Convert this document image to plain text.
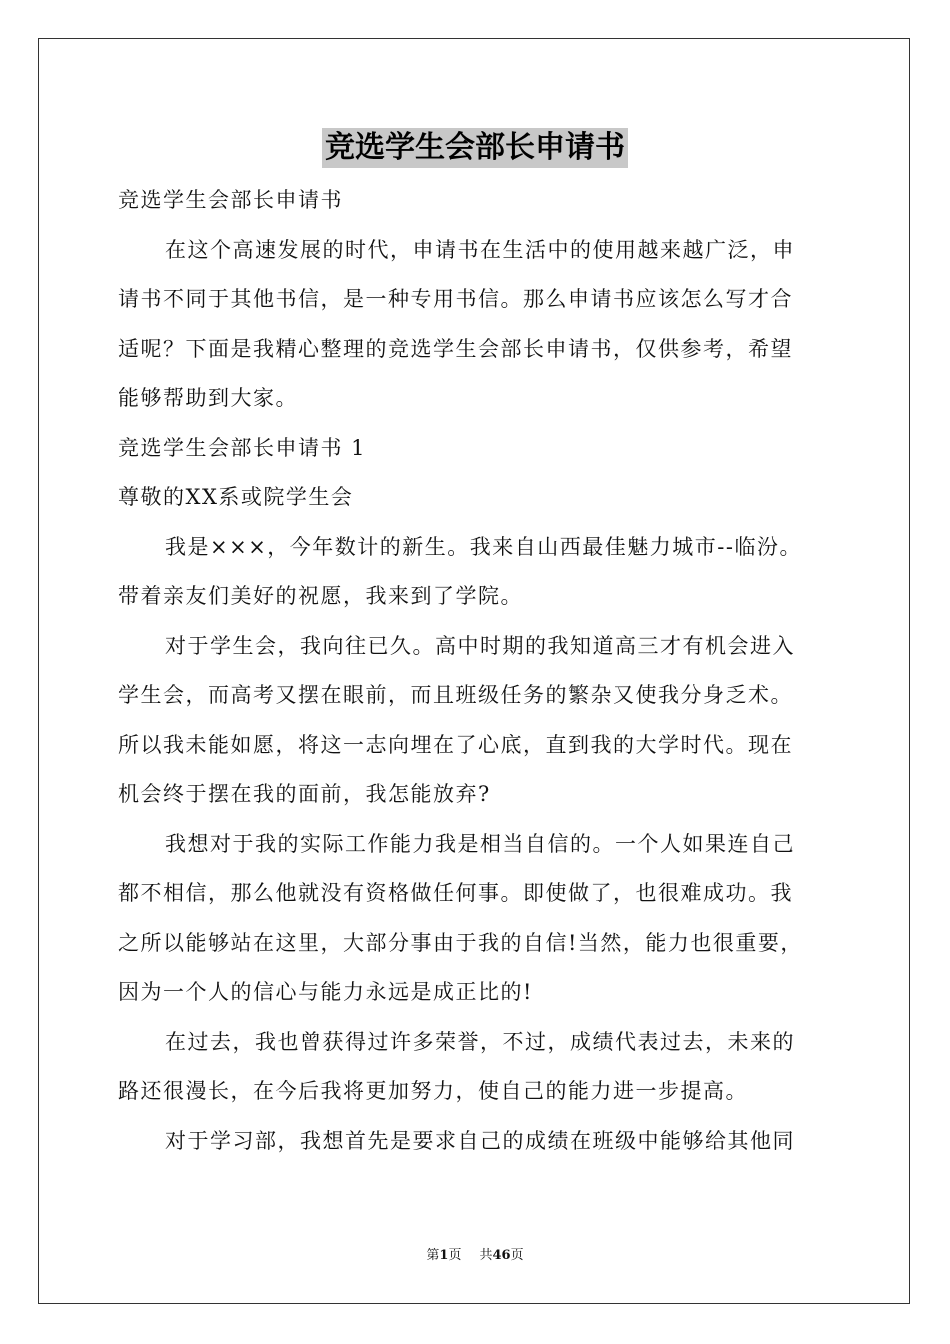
竞选学生会部长申请书
竞选学生会部长申请书
在这个高速发展的时代，申请书在生活中的使用越来越广泛，申
请书不同于其他书信，是一种专用书信。那么申请书应该怎么写才合
适呢？下面是我精心整理的竞选学生会部长申请书，仅供参考，希望
能够帮助到大家。
竞选学生会部长申请书 1
尊敬的XX系或院学生会
我是×××，今年数计的新生。我来自山西最佳魅力城市--临汾。
带着亲友们美好的祝愿，我来到了学院。
对于学生会，我向往已久。高中时期的我知道高三才有机会进入
学生会，而高考又摆在眼前，而且班级任务的繁杂又使我分身乏术。
所以我未能如愿，将这一志向埋在了心底，直到我的大学时代。现在
机会终于摆在我的面前，我怎能放弃?
我想对于我的实际工作能力我是相当自信的。一个人如果连自己
都不相信，那么他就没有资格做任何事。即使做了，也很难成功。我
之所以能够站在这里，大部分事由于我的自信!当然，能力也很重要，
因为一个人的信心与能力永远是成正比的!
在过去，我也曾获得过许多荣誉，不过，成绩代表过去，未来的
路还很漫长，在今后我将更加努力，使自己的能力进一步提高。
对于学习部，我想首先是要求自己的成绩在班级中能够给其他同
第1页 共46页
